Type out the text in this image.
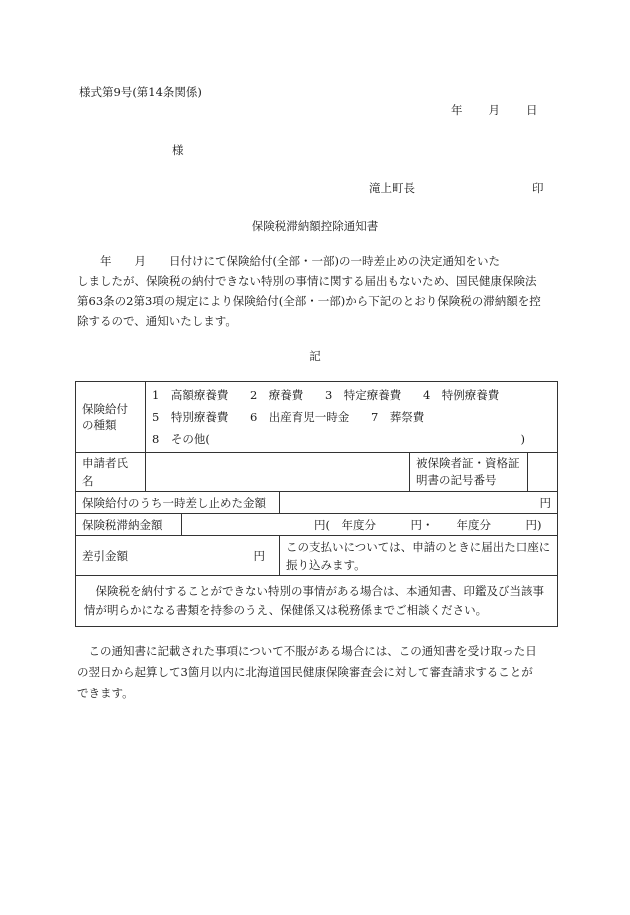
様式第9号(第14条関係)
年 月 日
様
滝上町長	印
保険税滞納額控除通知書
　　年　　月　　日付けにて保険給付(全部・一部)の一時差止めの決定通知をいた
しましたが、保険税の納付できない特別の事情に関する届出もないため、国民健康保険法
第63条の2第3項の規定により保険給付(全部・一部)から下記のとおり保険税の滞納額を控
除するので、通知いたします。
記
保険給付の種類	1　高額療養費 2　療養費 3　特定療養費 4　特例療養費
5　特別療養費 6　出産育児一時金 7　葬祭費
8　その他( )			

申請者氏名				被保険者証・資格証明書の記号番号

保険給付のうち一時差し止めた金額			円	
保険税滞納金額		円(　年度分　　　円・　　年度分　　　円)		
差引金額 円			この支払いについては、申請のときに届出た口座に振り込みます。	
保険税を納付することができない特別の事情がある場合は、本通知書、印鑑及び当該事情が明らかになる書類を持参のうえ、保健係又は税務係までご相談ください。				
　この通知書に記載された事項について不服がある場合には、この通知書を受け取った日
の翌日から起算して3箇月以内に北海道国民健康保険審査会に対して審査請求することが
できます。
